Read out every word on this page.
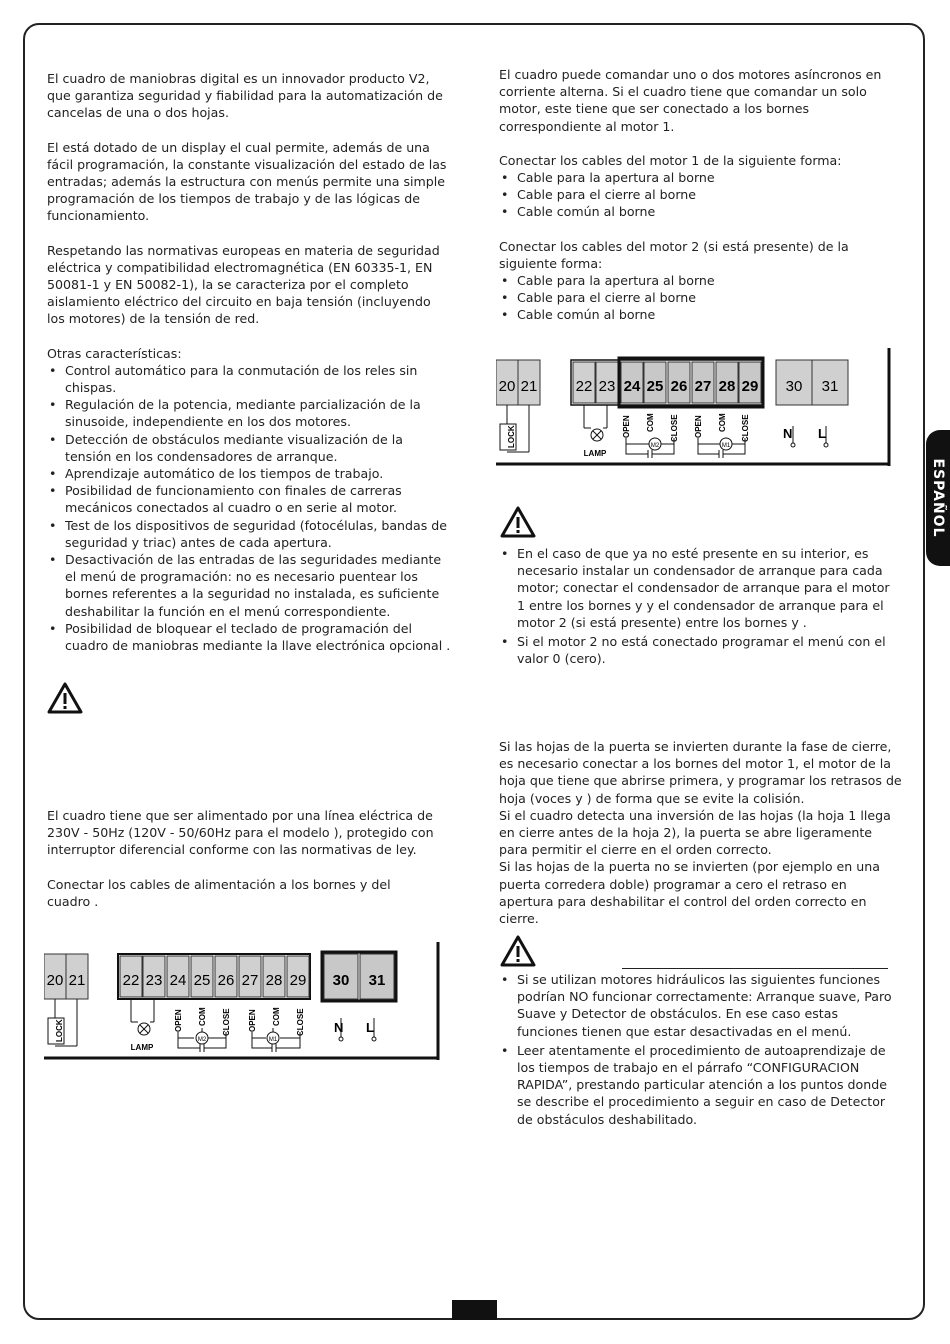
ESPAÑOL

El cuadro de maniobras digital es un innovador producto V2, que garantiza seguridad y fiabilidad para la automatización de cancelas de una o dos hojas.

El está dotado de un display el cual permite, además de una fácil programación, la constante visualización del estado de las entradas; además la estructura con menús permite una simple programación de los tiempos de trabajo y de las lógicas de funcionamiento.

Respetando las normativas europeas en materia de seguridad eléctrica y compatibilidad electromagnética (EN 60335-1, EN 50081-1 y EN 50082-1), la se caracteriza por el completo aislamiento eléctrico del circuito en baja tensión (incluyendo los motores) de la tensión de red.

Otras características:

• Control automático para la conmutación de los reles sin chispas.
• Regulación de la potencia, mediante parcialización de la sinusoide, independiente en los dos motores.
• Detección de obstáculos mediante visualización de la tensión en los condensadores de arranque.
• Aprendizaje automático de los tiempos de trabajo.
• Posibilidad de funcionamiento con finales de carreras mecánicos conectados al cuadro o en serie al motor.
• Test de los dispositivos de seguridad (fotocélulas, bandas de seguridad y triac) antes de cada apertura.
• Desactivación de las entradas de las seguridades mediante el menú de programación: no es necesario puentear los bornes referentes a la seguridad no instalada, es suficiente deshabilitar la función en el menú correspondiente.
• Posibilidad de bloquear el teclado de programación del cuadro de maniobras mediante la llave electrónica opcional .

El cuadro tiene que ser alimentado por una línea eléctrica de 230V - 50Hz (120V - 50/60Hz para el modelo ), protegido con interruptor diferencial conforme con las normativas de ley.

Conectar los cables de alimentación a los bornes y del cuadro .

20 21 22 23 24 25 26 27 28 29 30 31
LOCK
LAMP
OPEN COM CLOSE OPEN COM CLOSE
M2	M1
N L

El cuadro puede comandar uno o dos motores asíncronos en corriente alterna. Si el cuadro tiene que comandar un solo motor, este tiene que ser conectado a los bornes correspondiente al motor 1.

Conectar los cables del motor 1 de la siguiente forma:

• Cable para la apertura al borne
• Cable para el cierre al borne
• Cable común al borne

Conectar los cables del motor 2 (si está presente) de la siguiente forma:

• Cable para la apertura al borne
• Cable para el cierre al borne
• Cable común al borne
20 21	22 23 24 25 26 27 28 29 30 31
LOCK
LAMP
OPEN COM CLOSE OPEN COM CLOSE
M2	M1
N L
• En el caso de que ya no esté presente en su interior, es necesario instalar un condensador de arranque para cada motor; conectar el condensador de arranque para el motor 1 entre los bornes y y el condensador de arranque para el motor 2 (si está presente) entre los bornes y .
• Si el motor 2 no está conectado programar el menú con el valor 0 (cero).

Si las hojas de la puerta se invierten durante la fase de cierre, es necesario conectar a los bornes del motor 1, el motor de la hoja que tiene que abrirse primera, y programar los retrasos de hoja (voces y ) de forma que se evite la colisión.

Si el cuadro detecta una inversión de las hojas (la hoja 1 llega en cierre antes de la hoja 2), la puerta se abre ligeramente para permitir el cierre en el orden correcto.

Si las hojas de la puerta no se invierten (por ejemplo en una puerta corredera doble) programar a cero el retraso en apertura para deshabilitar el control del orden correcto en cierre.

• Si se utilizan motores hidráulicos las siguientes funciones podrían NO funcionar correctamente: Arranque suave, Paro Suave y Detector de obstáculos. En ese caso estas funciones tienen que estar desactivadas en el menú.
• Leer atentamente el procedimiento de autoaprendizaje de los tiempos de trabajo en el párrafo “CONFIGURACION RAPIDA”, prestando particular atención a los puntos donde se describe el procedimiento a seguir en caso de Detector de obstáculos deshabilitado.
